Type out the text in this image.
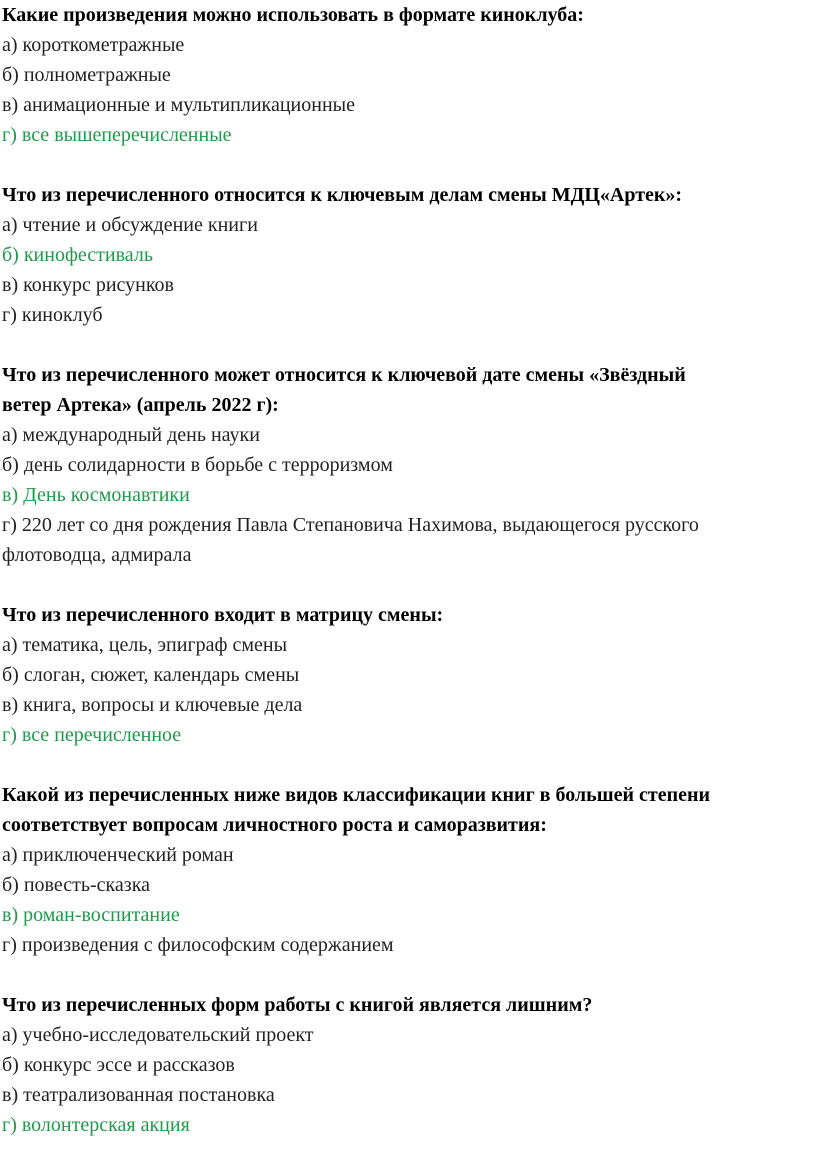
Какие произведения можно использовать в формате киноклуба:
а) короткометражные
б) полнометражные
в) анимационные и мультипликационные
г) все вышеперечисленные
Что из перечисленного относится к ключевым делам смены МДЦ«Артек»:
а) чтение и обсуждение книги
б) кинофестиваль
в) конкурс рисунков
г) киноклуб
Что из перечисленного может относится к ключевой дате смены «Звёздный
ветер Артека» (апрель 2022 г):
а) международный день науки
б) день солидарности в борьбе с терроризмом
в) День космонавтики
г) 220 лет со дня рождения Павла Степановича Нахимова, выдающегося русского
флотоводца, адмирала
Что из перечисленного входит в матрицу смены:
а) тематика, цель, эпиграф смены
б) слоган, сюжет, календарь смены
в) книга, вопросы и ключевые дела
г) все перечисленное
Какой из перечисленных ниже видов классификации книг в большей степени
соответствует вопросам личностного роста и саморазвития:
а) приключенческий роман
б) повесть-сказка
в) роман-воспитание
г) произведения с философским содержанием
Что из перечисленных форм работы с книгой является лишним?
а) учебно-исследовательский проект
б) конкурс эссе и рассказов
в) театрализованная постановка
г) волонтерская акция
